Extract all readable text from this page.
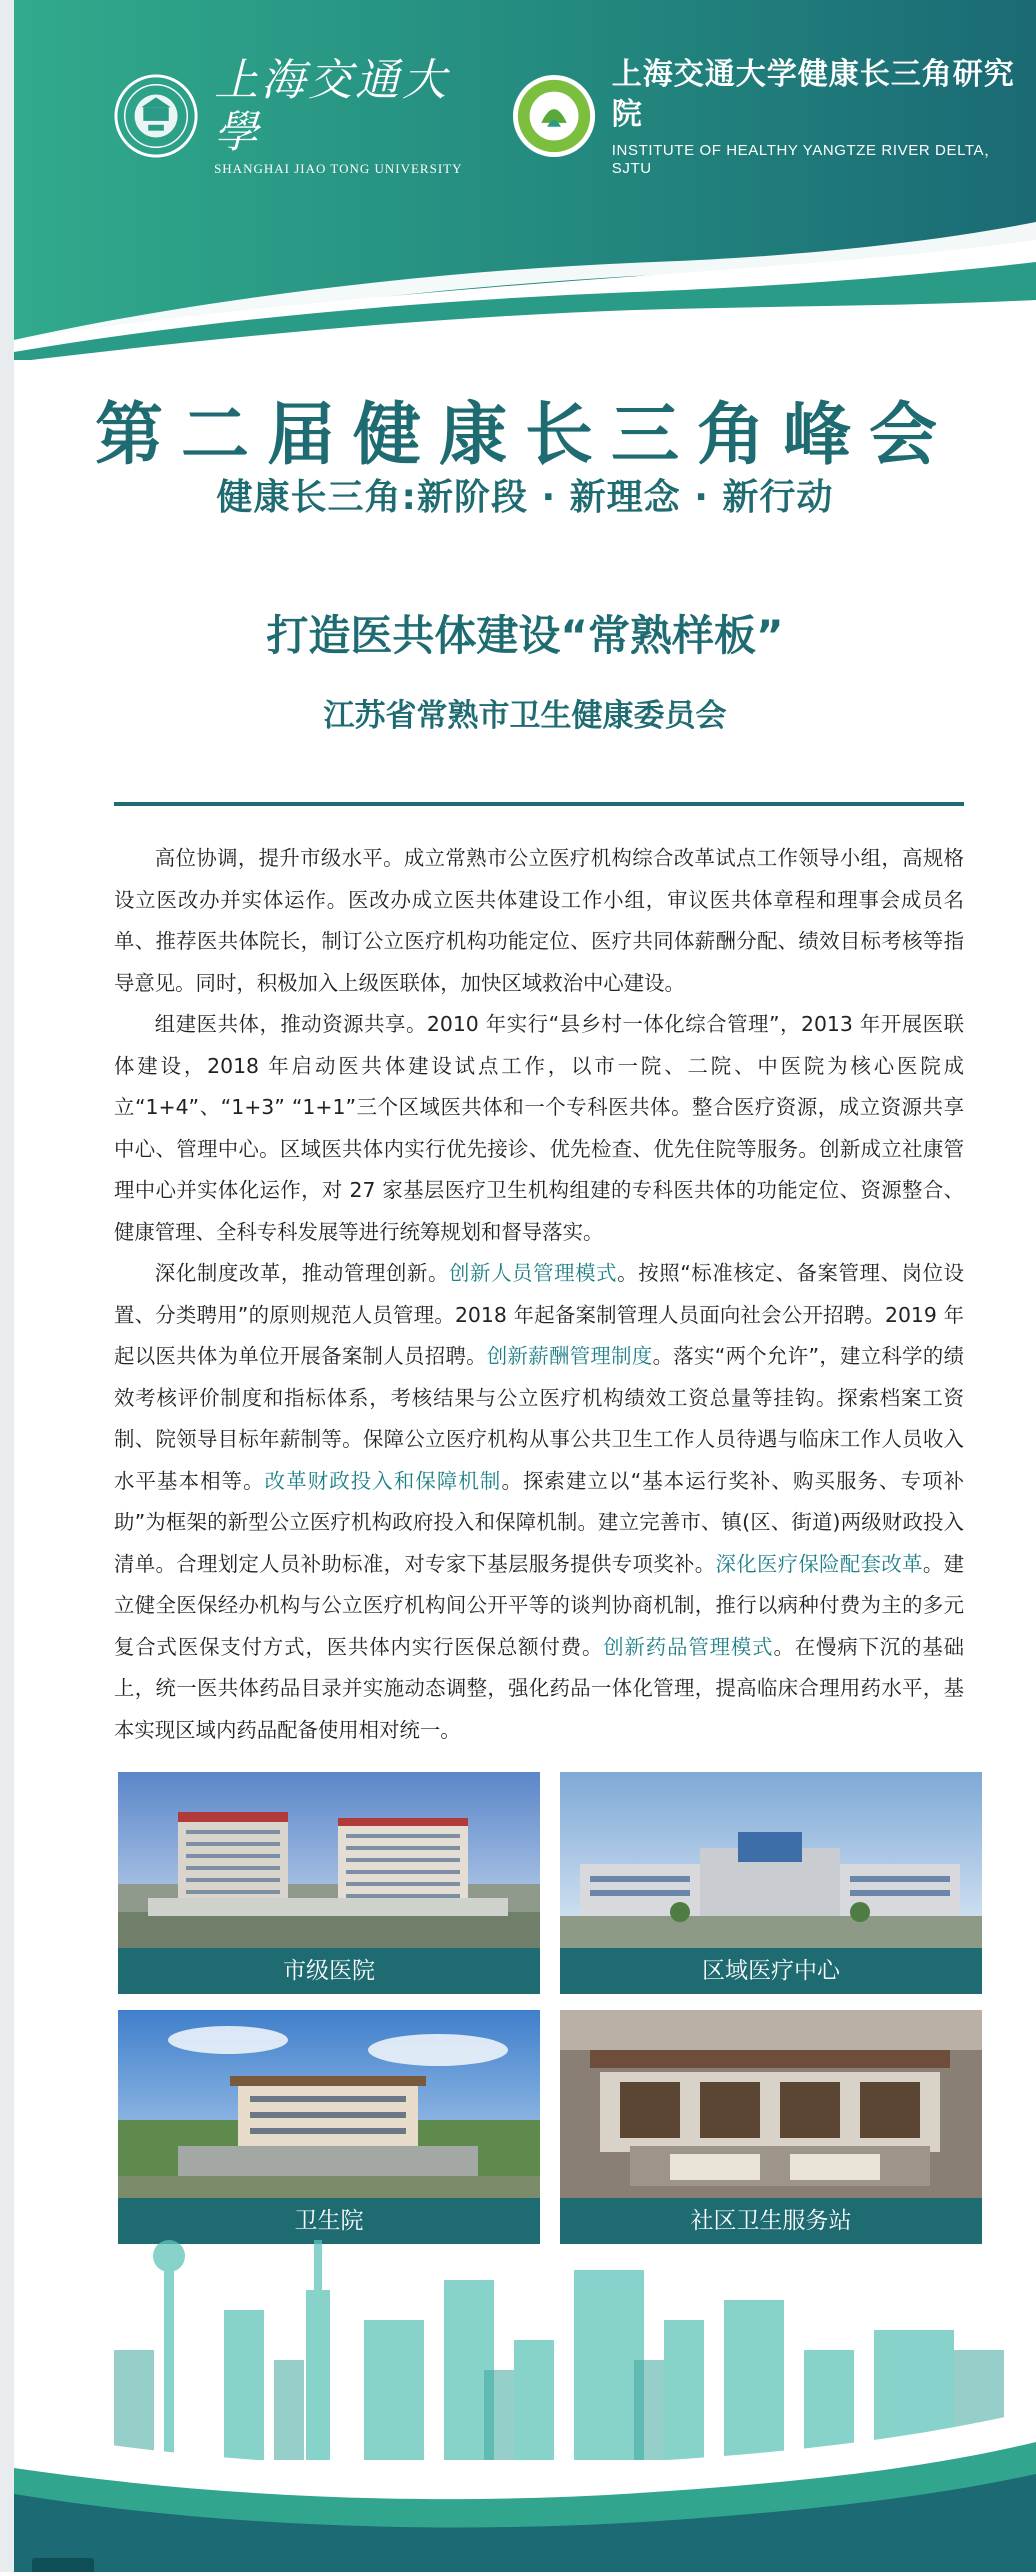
上海交通大學
SHANGHAI JIAO TONG UNIVERSITY
上海交通大学健康长三角研究院
INSTITUTE OF HEALTHY YANGTZE RIVER DELTA，SJTU
第二届健康长三角峰会
健康长三角:新阶段 · 新理念 · 新行动
打造医共体建设“常熟样板”
江苏省常熟市卫生健康委员会

高位协调，提升市级水平。成立常熟市公立医疗机构综合改革试点工作领导小组，高规格设立医改办并实体运作。医改办成立医共体建设工作小组，审议医共体章程和理事会成员名单、推荐医共体院长，制订公立医疗机构功能定位、医疗共同体薪酬分配、绩效目标考核等指导意见。同时，积极加入上级医联体，加快区域救治中心建设。

组建医共体，推动资源共享。2010 年实行“县乡村一体化综合管理”，2013 年开展医联体建设，2018 年启动医共体建设试点工作，以市一院、二院、中医院为核心医院成立“1+4”、“1+3” “1+1”三个区域医共体和一个专科医共体。整合医疗资源，成立资源共享中心、管理中心。区域医共体内实行优先接诊、优先检查、优先住院等服务。创新成立社康管理中心并实体化运作，对 27 家基层医疗卫生机构组建的专科医共体的功能定位、资源整合、健康管理、全科专科发展等进行统筹规划和督导落实。

深化制度改革，推动管理创新。创新人员管理模式。按照“标准核定、备案管理、岗位设置、分类聘用”的原则规范人员管理。2018 年起备案制管理人员面向社会公开招聘。2019 年起以医共体为单位开展备案制人员招聘。创新薪酬管理制度。落实“两个允许”，建立科学的绩效考核评价制度和指标体系，考核结果与公立医疗机构绩效工资总量等挂钩。探索档案工资制、院领导目标年薪制等。保障公立医疗机构从事公共卫生工作人员待遇与临床工作人员收入水平基本相等。改革财政投入和保障机制。探索建立以“基本运行奖补、购买服务、专项补助”为框架的新型公立医疗机构政府投入和保障机制。建立完善市、镇(区、街道)两级财政投入清单。合理划定人员补助标准，对专家下基层服务提供专项奖补。深化医疗保险配套改革。建立健全医保经办机构与公立医疗机构间公开平等的谈判协商机制，推行以病种付费为主的多元复合式医保支付方式，医共体内实行医保总额付费。创新药品管理模式。在慢病下沉的基础上，统一医共体药品目录并实施动态调整，强化药品一体化管理，提高临床合理用药水平，基本实现区域内药品配备使用相对统一。

市级医院	区域医疗中心
卫生院	社区卫生服务站
